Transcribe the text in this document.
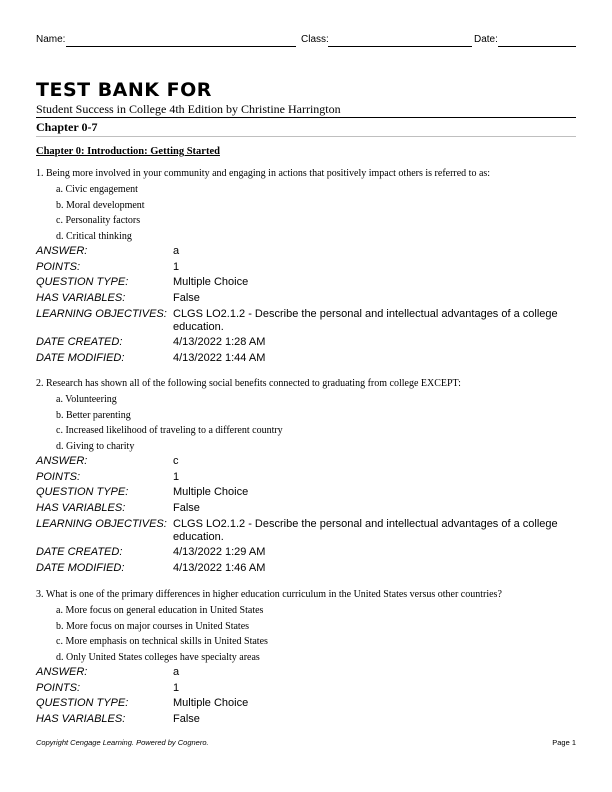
Name:	Class:	Date:
TEST BANK FOR
Student Success in College 4th Edition by Christine Harrington
Chapter 0-7
Chapter 0: Introduction: Getting Started
1. Being more involved in your community and engaging in actions that positively impact others is referred to as:
a. Civic engagement
b. Moral development
c. Personality factors
d. Critical thinking
ANSWER:	a
POINTS:	1
QUESTION TYPE:	Multiple Choice
HAS VARIABLES:	False
LEARNING OBJECTIVES: CLGS LO2.1.2 - Describe the personal and intellectual advantages of a college education.
DATE CREATED:	4/13/2022 1:28 AM
DATE MODIFIED:	4/13/2022 1:44 AM
2. Research has shown all of the following social benefits connected to graduating from college EXCEPT:
a. Volunteering
b. Better parenting
c. Increased likelihood of traveling to a different country
d. Giving to charity
ANSWER:	c
POINTS:	1
QUESTION TYPE:	Multiple Choice
HAS VARIABLES:	False
LEARNING OBJECTIVES: CLGS LO2.1.2 - Describe the personal and intellectual advantages of a college education.
DATE CREATED:	4/13/2022 1:29 AM
DATE MODIFIED:	4/13/2022 1:46 AM
3. What is one of the primary differences in higher education curriculum in the United States versus other countries?
a. More focus on general education in United States
b. More focus on major courses in United States
c. More emphasis on technical skills in United States
d. Only United States colleges have specialty areas
ANSWER:	a
POINTS:	1
QUESTION TYPE:	Multiple Choice
HAS VARIABLES:	False
Copyright Cengage Learning. Powered by Cognero.	Page 1
